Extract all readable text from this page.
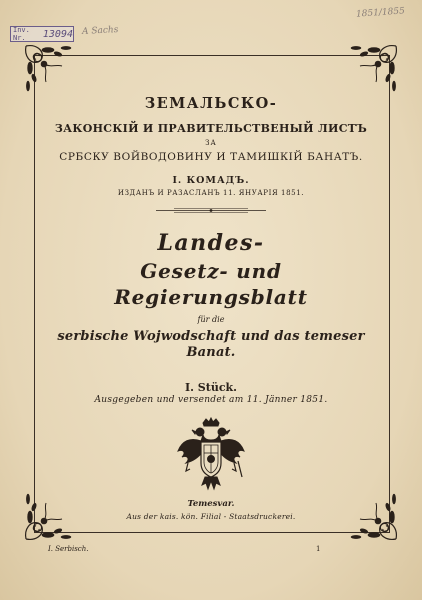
Inv. Nr.	13094 A Sachs
1851/1855

ЗЕМАЛЬСКО-

ЗАКОНСКІЙ И ПРАВИТЕЛЬСТВЕНЫЙ ЛИСТЪ

ЗА

СРБСКУ ВОЙВОДОВИНУ И ТАМИШКІЙ БАНАТЪ.

I. КОМАДЪ.

ИЗДАНЪ И РАЗАСЛАНЪ 11. ЯНУАРІЯ 1851.

Landes-

Gesetz- und Regierungsblatt

für die

serbische Wojwodschaft und das temeser Banat.

I. Stück.

Ausgegeben und versendet am 11. Jänner 1851.

Temesvar.
Aus der kais. kön. Filial - Staatsdruckerei.
I. Serbisch.	1
